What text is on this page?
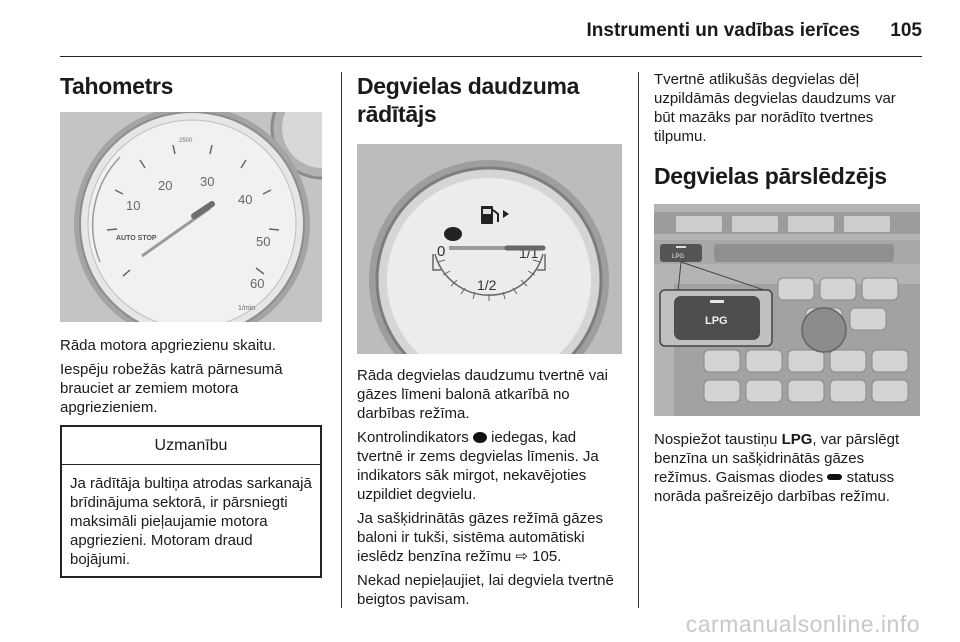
Instrumenti un vadības ierīces 105
Tahometrs
10
20 30
40
50
60
2500
AUTO STOP
1/min

Rāda motora apgriezienu skaitu.

Iespēju robežās katrā pārnesumā brauciet ar zemiem motora apgriezieniem.

Uzmanību
Ja rādītāja bultiņa atrodas sarkanajā brīdinājuma sektorā, ir pārsniegti maksimāli pieļaujamie motora apgriezieni. Motoram draud bojājumi.
Degvielas daudzuma
rādītājs
0
1/2
1/1

Rāda degvielas daudzumu tvertnē vai gāzes līmeni balonā atkarībā no darbības režīma.

Kontrolindikators iedegas, kad tvertnē ir zems degvielas līmenis. Ja indikators sāk mirgot, nekavējoties uzpildiet degvielu.

Ja sašķidrinātās gāzes režīmā gāzes baloni ir tukši, sistēma automātiski ieslēdz benzīna režīmu ⇨ 105.

Nekad nepieļaujiet, lai degviela tvertnē beigtos pavisam.

Tvertnē atlikušās degvielas dēļ uzpildāmās degvielas daudzums var būt mazāks par norādīto tvertnes tilpumu.

Degvielas pārslēdzējs
LPG
LPG

Nospiežot taustiņu LPG, var pārslēgt benzīna un sašķidrinātās gāzes režīmus. Gaismas diodes statuss norāda pašreizējo darbības režīmu.

carmanualsonline.info
